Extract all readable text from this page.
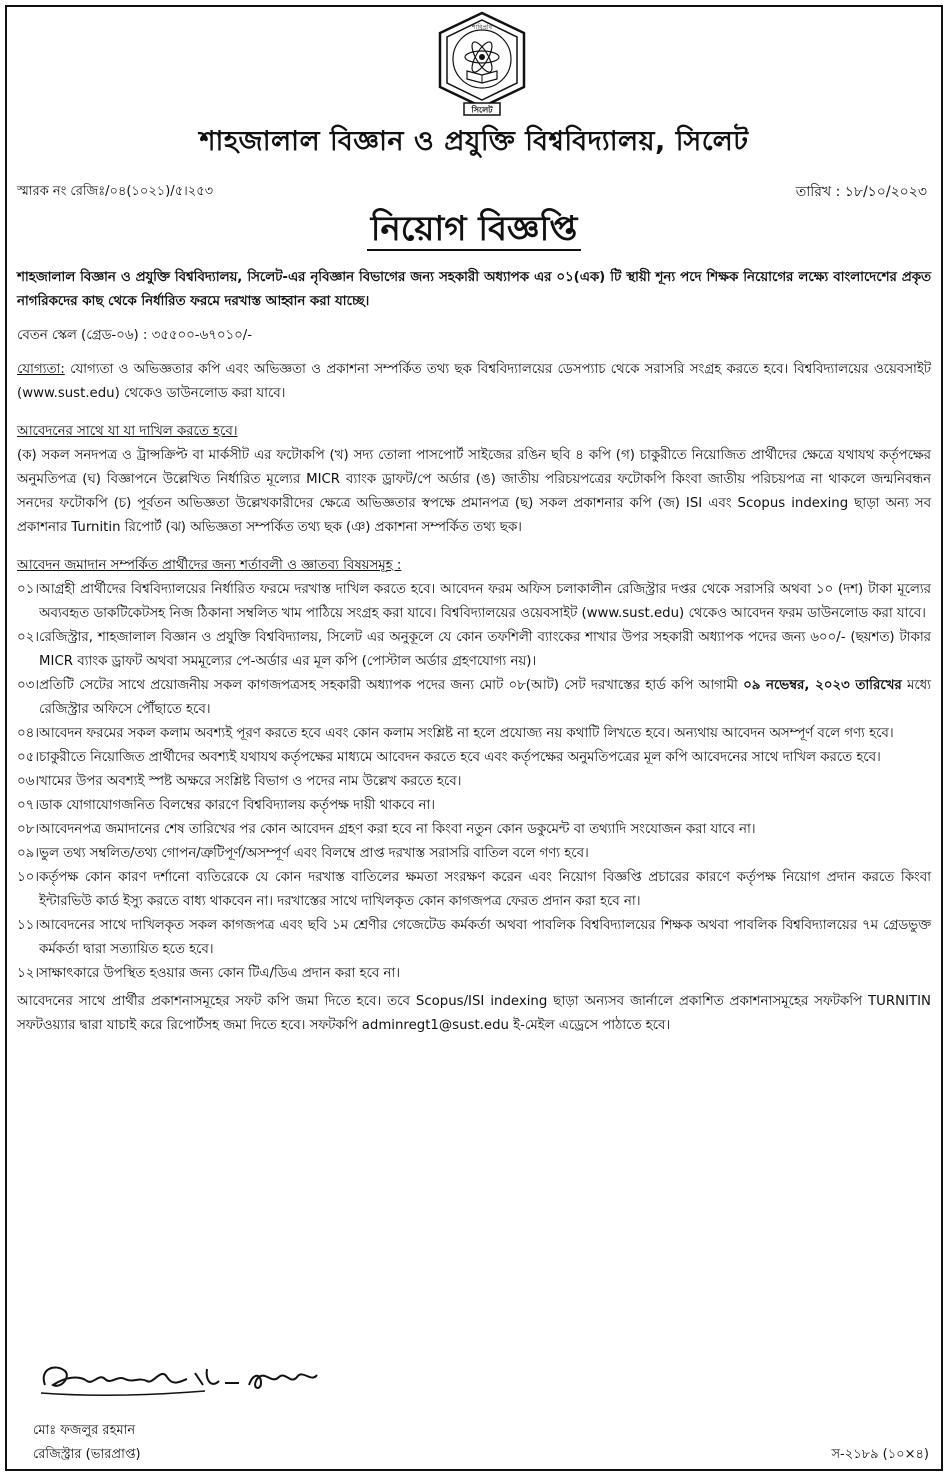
শাবিপ্রবি
সিলেট
শাহজালাল বিজ্ঞান ও প্রযুক্তি বিশ্ববিদ্যালয়, সিলেট
স্মারক নং রেজিঃ/০৪(১০২১)/৫।২৫৩	তারিখ : ১৮/১০/২০২৩
নিয়োগ বিজ্ঞপ্তি

শাহজালাল বিজ্ঞান ও প্রযুক্তি বিশ্ববিদ্যালয়, সিলেট-এর নৃবিজ্ঞান বিভাগের জন্য সহকারী অধ্যাপক এর ০১(এক) টি স্থায়ী শূন্য পদে শিক্ষক নিয়োগের লক্ষ্যে বাংলাদেশের প্রকৃত নাগরিকদের কাছ থেকে নির্ধারিত ফরমে দরখাস্ত আহ্বান করা যাচ্ছে।

বেতন স্কেল (গ্রেড-০৬) : ৩৫৫০০-৬৭০১০/-

যোগ্যতা: যোগ্যতা ও অভিজ্ঞতার কপি এবং অভিজ্ঞতা ও প্রকাশনা সম্পর্কিত তথ্য ছক বিশ্ববিদ্যালয়ের ডেসপ্যাচ থেকে সরাসরি সংগ্রহ করতে হবে। বিশ্ববিদ্যালয়ের ওয়েবসাইট (www.sust.edu) থেকেও ডাউনলোড করা যাবে।

আবেদনের সাথে যা যা দাখিল করতে হবে।

(ক) সকল সনদপত্র ও ট্রান্সক্রিপ্ট বা মার্কসীট এর ফটোকপি (খ) সদ্য তোলা পাসপোর্ট সাইজের রঙিন ছবি ৪ কপি (গ) চাকুরীতে নিয়োজিত প্রার্থীদের ক্ষেত্রে যথাযথ কর্তৃপক্ষের অনুমতিপত্র (ঘ) বিজ্ঞাপনে উল্লেখিত নির্ধারিত মূল্যের MICR ব্যাংক ড্রাফট/পে অর্ডার (ঙ) জাতীয় পরিচয়পত্রের ফটোকপি কিংবা জাতীয় পরিচয়পত্র না থাকলে জন্মনিবন্ধন সনদের ফটোকপি (চ) পূর্বতন অভিজ্ঞতা উল্লেখকারীদের ক্ষেত্রে অভিজ্ঞতার স্বপক্ষে প্রমানপত্র (ছ) সকল প্রকাশনার কপি (জ) ISI এবং Scopus indexing ছাড়া অন্য সব প্রকাশনার Turnitin রিপোর্ট (ঝ) অভিজ্ঞতা সম্পর্কিত তথ্য ছক (ঞ) প্রকাশনা সম্পর্কিত তথ্য ছক।

আবেদন জমাদান সম্পর্কিত প্রার্থীদের জন্য শর্তাবলী ও জ্ঞাতব্য বিষয়সমূহ :

০১। আগ্রহী প্রার্থীদের বিশ্ববিদ্যালয়ের নির্ধারিত ফরমে দরখাস্ত দাখিল করতে হবে। আবেদন ফরম অফিস চলাকালীন রেজিস্ট্রার দপ্তর থেকে সরাসরি অথবা ১০ (দশ) টাকা মূল্যের অব্যবহৃত ডাকটিকেটসহ নিজ ঠিকানা সম্বলিত খাম পাঠিয়ে সংগ্রহ করা যাবে। বিশ্ববিদ্যালয়ের ওয়েবসাইট (www.sust.edu) থেকেও আবেদন ফরম ডাউনলোড করা যাবে।
০২। রেজিস্ট্রার, শাহজালাল বিজ্ঞান ও প্রযুক্তি বিশ্ববিদ্যালয়, সিলেট এর অনুকূলে যে কোন তফশিলী ব্যাংকের শাখার উপর সহকারী অধ্যাপক পদের জন্য ৬০০/- (ছয়শত) টাকার MICR ব্যাংক ড্রাফট অথবা সমমূল্যের পে-অর্ডার এর মূল কপি (পোস্টাল অর্ডার গ্রহণযোগ্য নয়)।
০৩। প্রতিটি সেটের সাথে প্রয়োজনীয় সকল কাগজপত্রসহ সহকারী অধ্যাপক পদের জন্য মোট ০৮(আট) সেট দরখাস্তের হার্ড কপি আগামী ০৯ নভেম্বর, ২০২৩ তারিখের মধ্যে রেজিস্ট্রার অফিসে পৌঁছাতে হবে।
০৪। আবেদন ফরমের সকল কলাম অবশ্যই পূরণ করতে হবে এবং কোন কলাম সংশ্লিষ্ট না হলে প্রযোজ্য নয় কথাটি লিখতে হবে। অন্যথায় আবেদন অসম্পূর্ণ বলে গণ্য হবে।
০৫। চাকুরীতে নিয়োজিত প্রার্থীদের অবশ্যই যথাযথ কর্তৃপক্ষের মাধ্যমে আবেদন করতে হবে এবং কর্তৃপক্ষের অনুমতিপত্রের মূল কপি আবেদনের সাথে দাখিল করতে হবে।
০৬। খামের উপর অবশ্যই স্পষ্ট অক্ষরে সংশ্লিষ্ট বিভাগ ও পদের নাম উল্লেখ করতে হবে।
০৭। ডাক যোগাযোগজনিত বিলম্বের কারণে বিশ্ববিদ্যালয় কর্তৃপক্ষ দায়ী থাকবে না।
০৮। আবেদনপত্র জমাদানের শেষ তারিখের পর কোন আবেদন গ্রহণ করা হবে না কিংবা নতুন কোন ডকুমেন্ট বা তথ্যাদি সংযোজন করা যাবে না।
০৯। ভুল তথ্য সম্বলিত/তথ্য গোপন/ত্রুটিপূর্ণ/অসম্পূর্ণ এবং বিলম্বে প্রাপ্ত দরখাস্ত সরাসরি বাতিল বলে গণ্য হবে।
১০। কর্তৃপক্ষ কোন কারণ দর্শানো ব্যতিরেকে যে কোন দরখাস্ত বাতিলের ক্ষমতা সংরক্ষণ করেন এবং নিয়োগ বিজ্ঞপ্তি প্রচারের কারণে কর্তৃপক্ষ নিয়োগ প্রদান করতে কিংবা ইন্টারভিউ কার্ড ইস্যু করতে বাধ্য থাকবেন না। দরখাস্তের সাথে দাখিলকৃত কোন কাগজপত্র ফেরত প্রদান করা হবে না।
১১। আবেদনের সাথে দাখিলকৃত সকল কাগজপত্র এবং ছবি ১ম শ্রেণীর গেজেটেড কর্মকর্তা অথবা পাবলিক বিশ্ববিদ্যালয়ের শিক্ষক অথবা পাবলিক বিশ্ববিদ্যালয়ের ৭ম গ্রেডভুক্ত কর্মকর্তা দ্বারা সত্যায়িত হতে হবে।
১২। সাক্ষাৎকারে উপস্থিত হওয়ার জন্য কোন টিএ/ডিএ প্রদান করা হবে না।

আবেদনের সাথে প্রার্থীর প্রকাশনাসমূহের সফট কপি জমা দিতে হবে। তবে Scopus/ISI indexing ছাড়া অন্যসব জার্নালে প্রকাশিত প্রকাশনাসমূহের সফটকপি TURNITIN সফটওয়্যার দ্বারা যাচাই করে রিপোর্টসহ জমা দিতে হবে। সফটকপি adminregt1@sust.edu ই-মেইল এড্রেসে পাঠাতে হবে।

মোঃ ফজলুর রহমান
রেজিস্ট্রার (ভারপ্রাপ্ত)	স-২১৮৯ (১০×৪)
